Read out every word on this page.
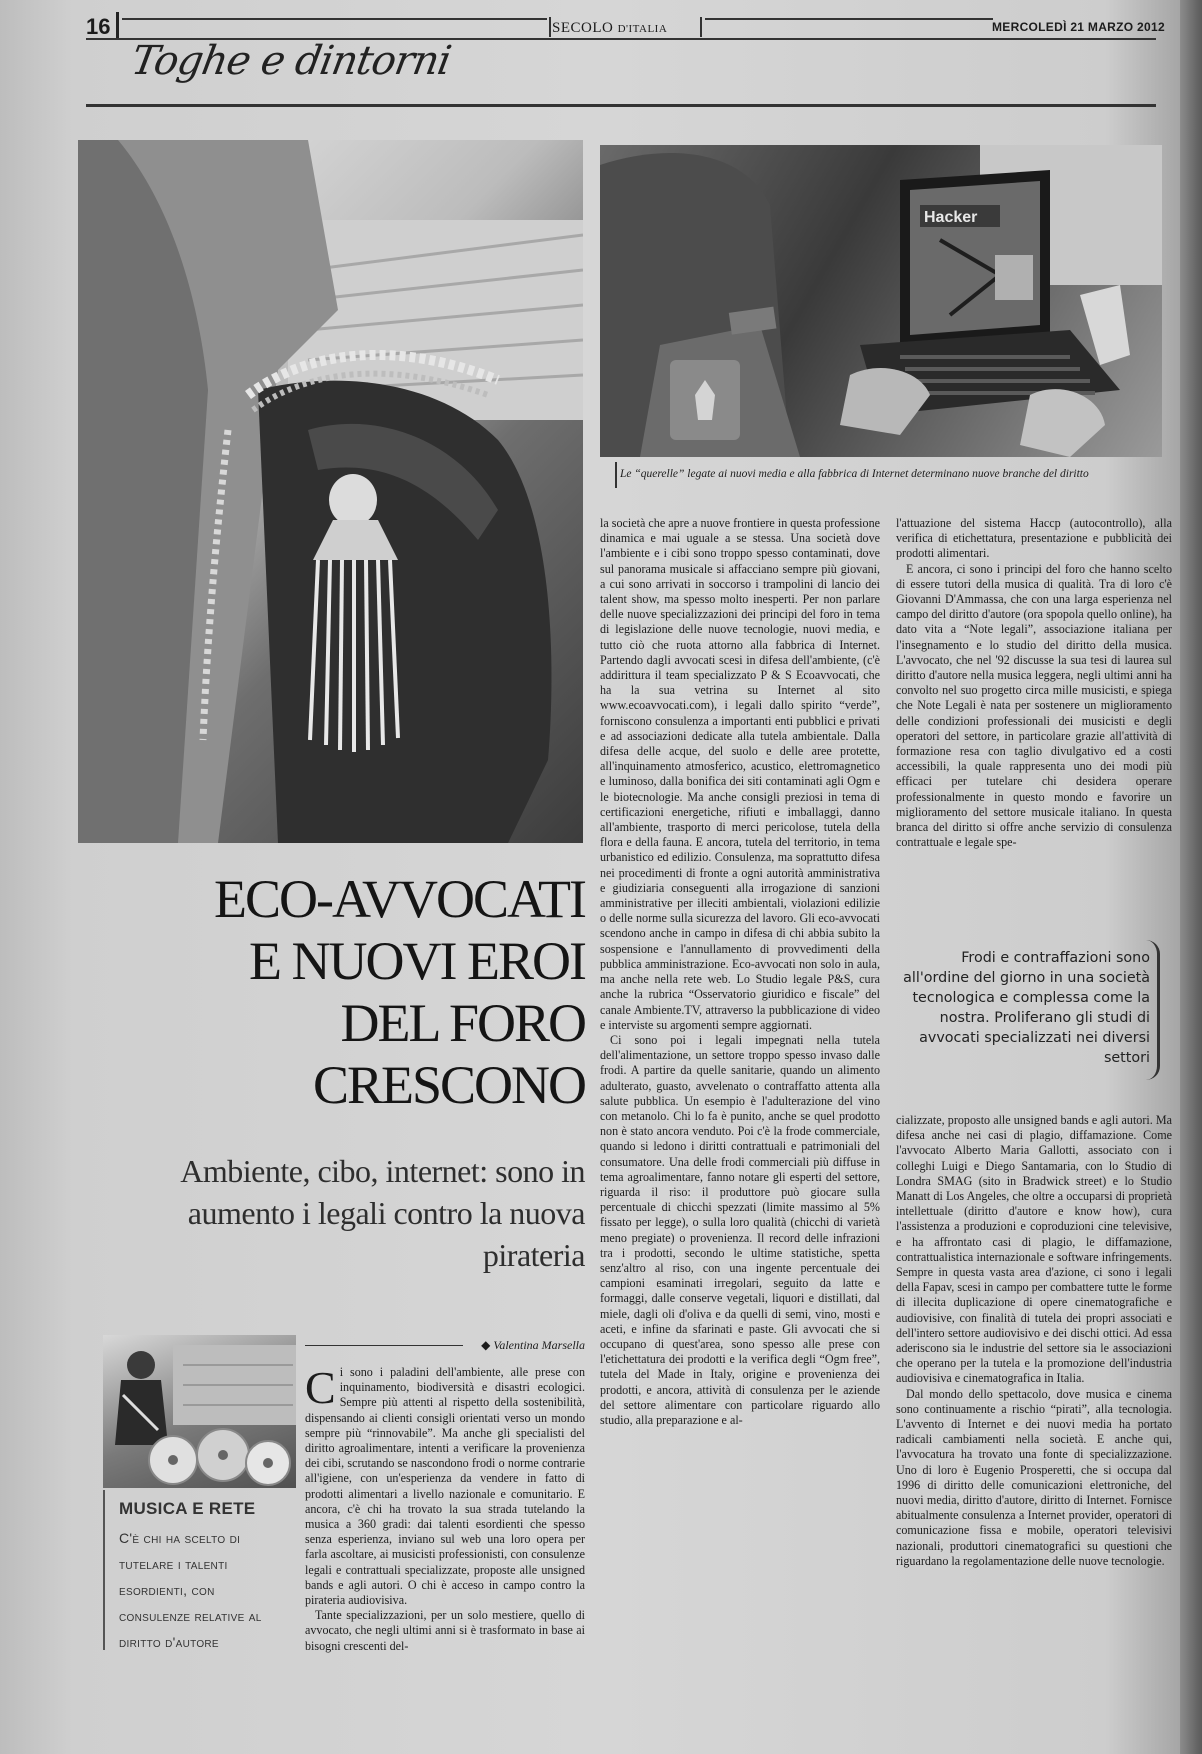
16	SECOLO D'ITALIA	MERCOLEDÌ 21 MARZO 2012
Toghe e dintorni
Hacker
Le “querelle” legate ai nuovi media e alla fabbrica di Internet determinano nuove branche del diritto
ECO-AVVOCATI
E NUOVI EROI
DEL FORO
CRESCONO
Ambiente, cibo, internet: sono in aumento i legali contro la nuova pirateria
◆ Valentina Marsella
MUSICA E RETE
C'è chi ha scelto di tutelare i talenti esordienti, con consulenze relative al diritto d'autore

Ci sono i paladini dell'ambiente, alle prese con inquinamento, biodiversità e disastri ecologici. Sempre più attenti al rispetto della sostenibilità, dispensando ai clienti consigli orientati verso un mondo sempre più “rinnovabile”. Ma anche gli specialisti del diritto agroalimentare, intenti a verificare la provenienza dei cibi, scrutando se nascondono frodi o norme contrarie all'igiene, con un'esperienza da vendere in fatto di prodotti alimentari a livello nazionale e comunitario. E ancora, c'è chi ha trovato la sua strada tutelando la musica a 360 gradi: dai talenti esordienti che spesso senza esperienza, inviano sul web una loro opera per farla ascoltare, ai musicisti professionisti, con consulenze legali e contrattuali specializzate, proposte alle unsigned bands e agli autori. O chi è acceso in campo contro la pirateria audiovisiva.

Tante specializzazioni, per un solo mestiere, quello di avvocato, che negli ultimi anni si è trasformato in base ai bisogni crescenti del-

la società che apre a nuove frontiere in questa professione dinamica e mai uguale a se stessa. Una società dove l'ambiente e i cibi sono troppo spesso contaminati, dove sul panorama musicale si affacciano sempre più giovani, a cui sono arrivati in soccorso i trampolini di lancio dei talent show, ma spesso molto inesperti. Per non parlare delle nuove specializzazioni dei principi del foro in tema di legislazione delle nuove tecnologie, nuovi media, e tutto ciò che ruota attorno alla fabbrica di Internet. Partendo dagli avvocati scesi in difesa dell'ambiente, (c'è addirittura il team specializzato P & S Ecoavvocati, che ha la sua vetrina su Internet al sito www.ecoavvocati.com), i legali dallo spirito “verde”, forniscono consulenza a importanti enti pubblici e privati e ad associazioni dedicate alla tutela ambientale. Dalla difesa delle acque, del suolo e delle aree protette, all'inquinamento atmosferico, acustico, elettromagnetico e luminoso, dalla bonifica dei siti contaminati agli Ogm e le biotecnologie. Ma anche consigli preziosi in tema di certificazioni energetiche, rifiuti e imballaggi, danno all'ambiente, trasporto di merci pericolose, tutela della flora e della fauna. E ancora, tutela del territorio, in tema urbanistico ed edilizio. Consulenza, ma soprattutto difesa nei procedimenti di fronte a ogni autorità amministrativa e giudiziaria conseguenti alla irrogazione di sanzioni amministrative per illeciti ambientali, violazioni edilizie o delle norme sulla sicurezza del lavoro. Gli eco-avvocati scendono anche in campo in difesa di chi abbia subito la sospensione e l'annullamento di provvedimenti della pubblica amministrazione. Eco-avvocati non solo in aula, ma anche nella rete web. Lo Studio legale P&S, cura anche la rubrica “Osservatorio giuridico e fiscale” del canale Ambiente.TV, attraverso la pubblicazione di video e interviste su argomenti sempre aggiornati.

Ci sono poi i legali impegnati nella tutela dell'alimentazione, un settore troppo spesso invaso dalle frodi. A partire da quelle sanitarie, quando un alimento adulterato, guasto, avvelenato o contraffatto attenta alla salute pubblica. Un esempio è l'adulterazione del vino con metanolo. Chi lo fa è punito, anche se quel prodotto non è stato ancora venduto. Poi c'è la frode commerciale, quando si ledono i diritti contrattuali e patrimoniali del consumatore. Una delle frodi commerciali più diffuse in tema agroalimentare, fanno notare gli esperti del settore, riguarda il riso: il produttore può giocare sulla percentuale di chicchi spezzati (limite massimo al 5% fissato per legge), o sulla loro qualità (chicchi di varietà meno pregiate) o provenienza. Il record delle infrazioni tra i prodotti, secondo le ultime statistiche, spetta senz'altro al riso, con una ingente percentuale dei campioni esaminati irregolari, seguito da latte e formaggi, dalle conserve vegetali, liquori e distillati, dal miele, dagli oli d'oliva e da quelli di semi, vino, mosti e aceti, e infine da sfarinati e paste. Gli avvocati che si occupano di quest'area, sono spesso alle prese con l'etichettatura dei prodotti e la verifica degli “Ogm free”, tutela del Made in Italy, origine e provenienza dei prodotti, e ancora, attività di consulenza per le aziende del settore alimentare con particolare riguardo allo studio, alla preparazione e al-

l'attuazione del sistema Haccp (autocontrollo), alla verifica di etichettatura, presentazione e pubblicità dei prodotti alimentari.

E ancora, ci sono i principi del foro che hanno scelto di essere tutori della musica di qualità. Tra di loro c'è Giovanni D'Ammassa, che con una larga esperienza nel campo del diritto d'autore (ora spopola quello online), ha dato vita a “Note legali”, associazione italiana per l'insegnamento e lo studio del diritto della musica. L'avvocato, che nel '92 discusse la sua tesi di laurea sul diritto d'autore nella musica leggera, negli ultimi anni ha convolto nel suo progetto circa mille musicisti, e spiega che Note Legali è nata per sostenere un miglioramento delle condizioni professionali dei musicisti e degli operatori del settore, in particolare grazie all'attività di formazione resa con taglio divulgativo ed a costi accessibili, la quale rappresenta uno dei modi più efficaci per tutelare chi desidera operare professionalmente in questo mondo e favorire un miglioramento del settore musicale italiano. In questa branca del diritto si offre anche servizio di consulenza contrattuale e legale spe-

Frodi e contraffazioni sono all'ordine del giorno in una società tecnologica e complessa come la nostra. Proliferano gli studi di avvocati specializzati nei diversi settori

cializzate, proposto alle unsigned bands e agli autori. Ma difesa anche nei casi di plagio, diffamazione. Come l'avvocato Alberto Maria Gallotti, associato con i colleghi Luigi e Diego Santamaria, con lo Studio di Londra SMAG (sito in Bradwick street) e lo Studio Manatt di Los Angeles, che oltre a occuparsi di proprietà intellettuale (diritto d'autore e know how), cura l'assistenza a produzioni e coproduzioni cine televisive, e ha affrontato casi di plagio, le diffamazione, contrattualistica internazionale e software infringements. Sempre in questa vasta area d'azione, ci sono i legali della Fapav, scesi in campo per combattere tutte le forme di illecita duplicazione di opere cinematografiche e audiovisive, con finalità di tutela dei propri associati e dell'intero settore audiovisivo e dei dischi ottici. Ad essa aderiscono sia le industrie del settore sia le associazioni che operano per la tutela e la promozione dell'industria audiovisiva e cinematografica in Italia.

Dal mondo dello spettacolo, dove musica e cinema sono continuamente a rischio “pirati”, alla tecnologia. L'avvento di Internet e dei nuovi media ha portato radicali cambiamenti nella società. E anche qui, l'avvocatura ha trovato una fonte di specializzazione. Uno di loro è Eugenio Prosperetti, che si occupa dal 1996 di diritto delle comunicazioni elettroniche, del nuovi media, diritto d'autore, diritto di Internet. Fornisce abitualmente consulenza a Internet provider, operatori di comunicazione fissa e mobile, operatori televisivi nazionali, produttori cinematografici su questioni che riguardano la regolamentazione delle nuove tecnologie.
